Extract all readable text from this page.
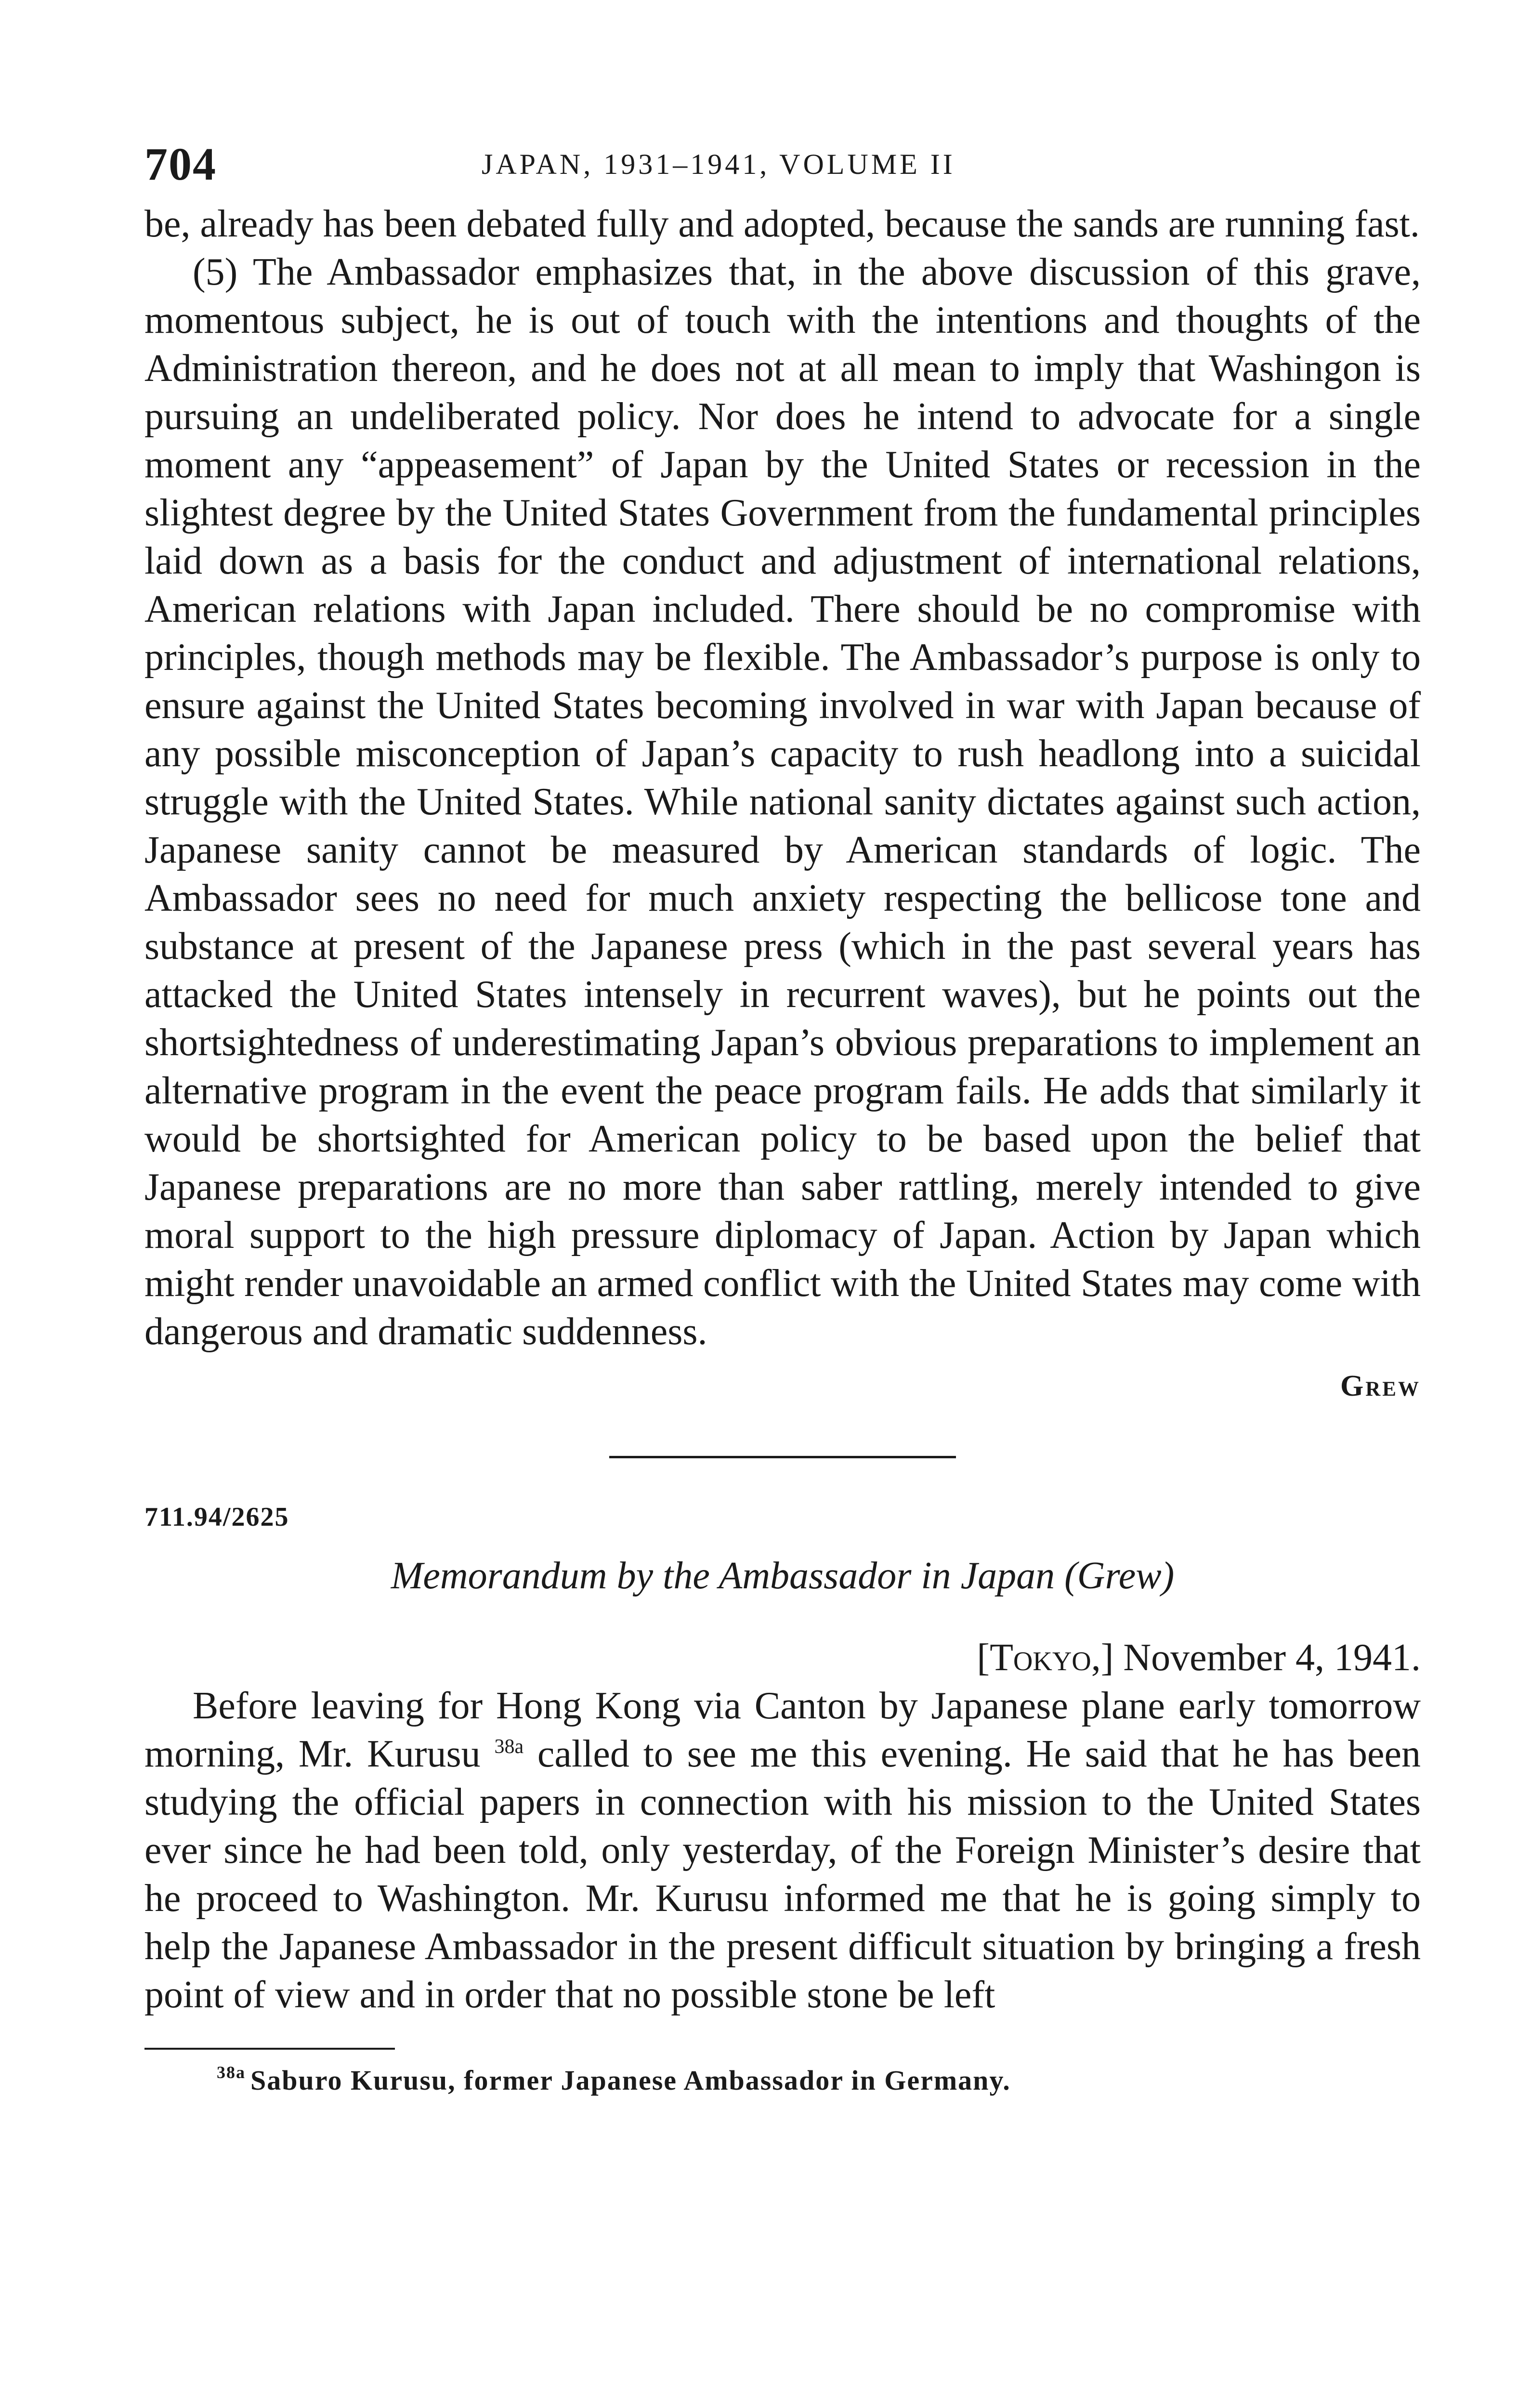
704	JAPAN, 1931–1941, VOLUME II

be, already has been debated fully and adopted, because the sands are running fast.

(5) The Ambassador emphasizes that, in the above discussion of this grave, momentous subject, he is out of touch with the intentions and thoughts of the Administration thereon, and he does not at all mean to imply that Washingon is pursuing an undeliberated policy. Nor does he intend to advocate for a single moment any “appeasement” of Japan by the United States or recession in the slightest degree by the United States Government from the fundamental principles laid down as a basis for the conduct and adjustment of international relations, American relations with Japan included. There should be no compromise with principles, though methods may be flexible. The Ambassador’s purpose is only to ensure against the United States becoming involved in war with Japan because of any possible misconception of Japan’s capacity to rush headlong into a suicidal struggle with the United States. While national sanity dictates against such action, Japanese sanity cannot be measured by American standards of logic. The Ambassador sees no need for much anxiety respecting the bellicose tone and substance at present of the Japanese press (which in the past several years has attacked the United States intensely in recurrent waves), but he points out the shortsightedness of underestimating Japan’s obvious preparations to implement an alternative program in the event the peace program fails. He adds that similarly it would be shortsighted for American policy to be based upon the belief that Japanese preparations are no more than saber rattling, merely intended to give moral support to the high pressure diplomacy of Japan. Action by Japan which might render unavoidable an armed conflict with the United States may come with dangerous and dramatic suddenness.

Grew
711.94/2625
Memorandum by the Ambassador in Japan (Grew)
[Tokyo,] November 4, 1941.

Before leaving for Hong Kong via Canton by Japanese plane early tomorrow morning, Mr. Kurusu $^{38a}$ called to see me this evening. He said that he has been studying the official papers in connection with his mission to the United States ever since he had been told, only yesterday, of the Foreign Minister’s desire that he proceed to Washington. Mr. Kurusu informed me that he is going simply to help the Japanese Ambassador in the present difficult situation by bringing a fresh point of view and in order that no possible stone be left

$^{38a}$ Saburo Kurusu, former Japanese Ambassador in Germany.
